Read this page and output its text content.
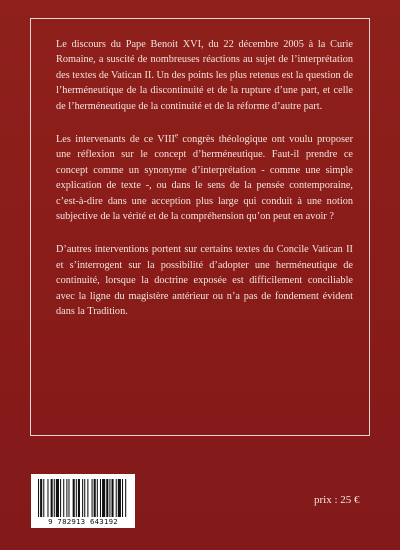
Le discours du Pape Benoit XVI, du 22 décembre 2005 à la Curie Romaine, a suscité de nombreuses réactions au sujet de l’interprétation des textes de Vatican II. Un des points les plus retenus est la question de l’herméneutique de la discontinuité et de la rupture d’une part, et celle de l’herméneutique de la continuité et de la réforme d’autre part.

Les intervenants de ce VIIIe congrès théologique ont voulu proposer une réflexion sur le concept d’herméneutique. Faut-il prendre ce concept comme un synonyme d’interprétation - comme une simple explication de texte -, ou dans le sens de la pensée contemporaine, c’est-à-dire dans une acception plus large qui conduit à une notion subjective de la vérité et de la compréhension qu’on peut en avoir ?

D’autres interventions portent sur certains textes du Concile Vatican II et s’interrogent sur la possibilité d’adopter une herméneutique de continuité, lorsque la doctrine exposée est difficilement conciliable avec la ligne du magistère antérieur ou n’a pas de fondement évident dans la Tradition.

9 782913 643192
prix : 25 €
